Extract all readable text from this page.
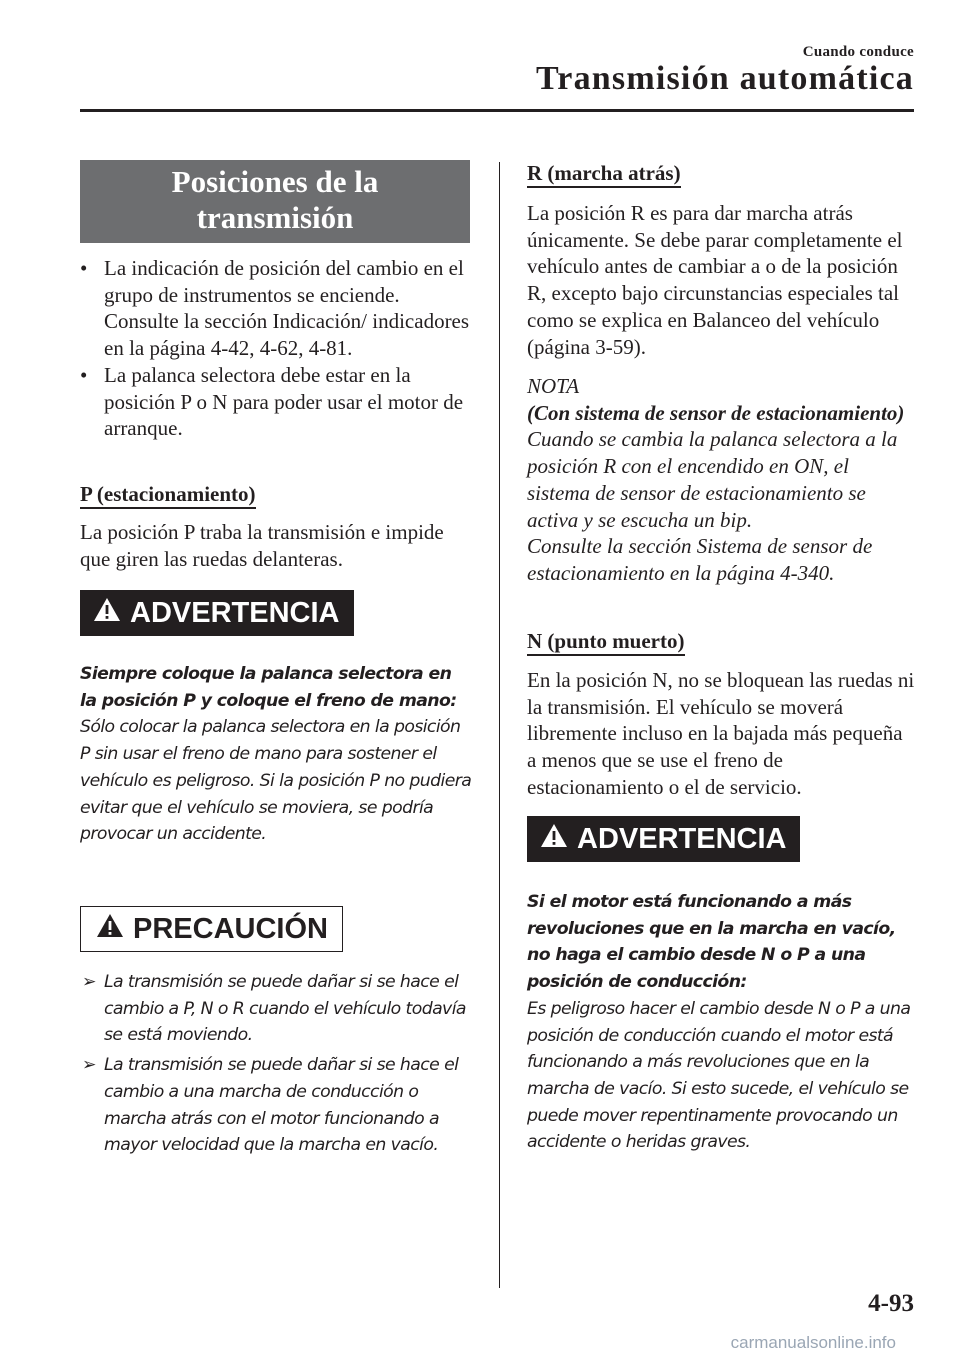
Cuando conduce
Transmisión automática
Posiciones de la
transmisión
• La indicación de posición del cambio en el grupo de instrumentos se enciende. Consulte la sección Indicación/ indicadores en la página 4-42, 4-62, 4-81.
• La palanca selectora debe estar en la posición P o N para poder usar el motor de arranque.
P (estacionamiento)

La posición P traba la transmisión e impide que giren las ruedas delanteras.

ADVERTENCIA

Siempre coloque la palanca selectora en la posición P y coloque el freno de mano:

Sólo colocar la palanca selectora en la posición P sin usar el freno de mano para sostener el vehículo es peligroso. Si la posición P no pudiera evitar que el vehículo se moviera, se podría provocar un accidente.

PRECAUCIÓN
➢ La transmisión se puede dañar si se hace el cambio a P, N o R cuando el vehículo todavía se está moviendo.
➢ La transmisión se puede dañar si se hace el cambio a una marcha de conducción o marcha atrás con el motor funcionando a mayor velocidad que la marcha en vacío.
R (marcha atrás)

La posición R es para dar marcha atrás únicamente. Se debe parar completamente el vehículo antes de cambiar a o de la posición R, excepto bajo circunstancias especiales tal como se explica en Balanceo del vehículo (página 3-59).

NOTA

(Con sistema de sensor de estacionamiento)

Cuando se cambia la palanca selectora a la posición R con el encendido en ON, el sistema de sensor de estacionamiento se activa y se escucha un bip.

Consulte la sección Sistema de sensor de estacionamiento en la página 4-340.

N (punto muerto)

En la posición N, no se bloquean las ruedas ni la transmisión. El vehículo se moverá libremente incluso en la bajada más pequeña a menos que se use el freno de estacionamiento o el de servicio.

ADVERTENCIA

Si el motor está funcionando a más revoluciones que en la marcha en vacío, no haga el cambio desde N o P a una posición de conducción:

Es peligroso hacer el cambio desde N o P a una posición de conducción cuando el motor está funcionando a más revoluciones que en la marcha de vacío. Si esto sucede, el vehículo se puede mover repentinamente provocando un accidente o heridas graves.

4-93
carmanualsonline.info
